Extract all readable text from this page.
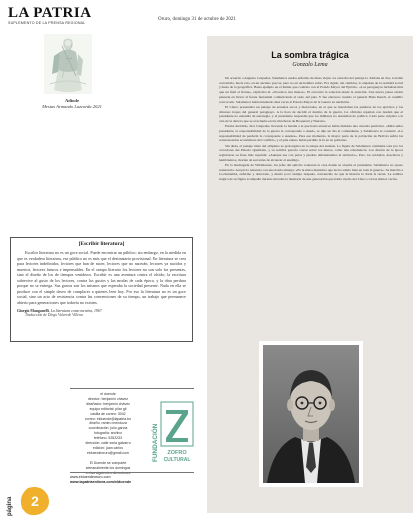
LA PATRIA
SUPLEMENTO DE LA PRENSA REGIONAL
Oruro, domingo 31 de octubre de 2021
Adiode
Mestas Armando Lazcarda 2021
[Escribir literatura]
Escribir literatura no es un goce social. Puede encontrar un público; sin embargo, en la medida en que es verdadera literatura, ese público no es más que el destinatario provisional. En literatura se crea para lectores indefinidos, lectores que han de nacer, lectores que no nacerán, lectores ya nacidos y muertos, lectores futuros e impensables. En el campo literario los lectores no son solo los presentes, sino el diseño de los de tiempos venideros. Escribir es una aventura contra el olvido; la escritura sobrevive al gusto de los lectores, contra los gustos y las modas de cada época, y la obra perdura porque no se entrega. Sus gustos son los mismos que esperaba la sociedad presente. Nada en ella se produce con el simple deseo de complacer a quienes leen hoy. Por eso la literatura no es un goce social, sino un acto de resistencia contra las convenciones de su tiempo, un trabajo que permanece abierto para generaciones que todavía no existen.
Giorgio Manganelli, La literatura como mentira, 1967
Traducción de Diego Valverde Villena
el duende
director: benjamín chávez
diseñador: benjamín chávez
equipo editorial: pilar gil
casilla de correo: 3042
correo: elduende@lapatria.bo
diseño: ramiro mendoza
coordinación: julio garcía
fotografía: archivo
teléfono: 5252233
dirección: calle soria galvarro
edición: juan carlos
elduendeoruro@gmail.com

El Duende se comparte
semanalmente los domingos
en las siguientes direcciones
www.elduendeoruro.com
www.lapatriaenlinea.com/elduende
FUNDACIÓN ZOFRO
CULTURAL
2
página
La sombra trágica
Gonzalo Lema

De acuerdo a Augusto Céspedes, Salamanca estaba enfermo de ideas viejas. La estrecha del paisaje lo doblaba en dos, lo había convertido, hacía rato, en un anciano precoz, pero no en un hombre sabio. Era rígido, sin cambios, lo alejaban de la realidad social y hasta de la geográfica. Basta ejemplo en el llamar que contrato con el Estado Mayor del Ejército. «Los paraguayos luchaban más que un fusil al frente», explicaba él. «Nosotros tres menos». El encontró la solución desde la atención. Una nueva pausa estaba pensada en llevar al frente fantasmal comunicando el resto del país. Y fue entonces cuando el general Hans Kundt, el caudillo convocado. Salamanca había intentado diez veces al Estado Mayor de la Guerra su rendición.

El Chaco presentaba un paisaje de arenales secos y matorrales, en el que se mezclaban las palabras de los ejércitos y las diversas tropas del general paraguayo. A la hora de decidir el destino de la guerra, los oficiales repetían con desdén que el presidente no entendía de estrategia, y el presidente respondía que los militares no entendían de política. Cada parte culpaba a la otra de la derrota que se avecinaba en las trincheras de Boquerón y Nanawa.

Estaba decidido, dice Céspedes, llevando la batalla a la que hasta entonces había llamado una cruzada patriótica. «Mire señor presidente, la responsabilidad de la guerra le corresponde a usted», le dijo un día el comandante, y Salamanca le contestó: «La responsabilidad de perderla le corresponde a ustedes». Para ese momento, la mayor parte de la población de Bolivia sufría las consecuencias económicas del conflicto, y el país entero había perdido la fe en su gobierno.

Sin duda, el paisaje triste del altiplano se prolongaba en la estepa del sudeste. La figura de Salamanca caminaba sola por los corredores del Palacio Quemado, y su sombra parecía crecer sobre los muros, como una advertencia. Los diarios de la época registraron su frase más repetida: «Aunque sea con palos y piedras defenderemos el territorio». Pero los soldados, descalzos y hambrientos, morían de sed antes de alcanzar el enemigo.

En la madrugada de Villamontes, los jefes del ejército rodearon la casa donde se alojaba el presidente. Salamanca no opuso resistencia. Aceptó la renuncia con una ironía amarga: «Es la única maniobra que les ha salido bien en toda la guerra». Se marchó a Cochabamba, enfermo y derrotado, y murió poco tiempo después, convencido de que la historia le daría la razón. La sombra trágica de su figura acompañó durante décadas la memoria de una generación que había vuelto del Chaco con las manos vacías.
